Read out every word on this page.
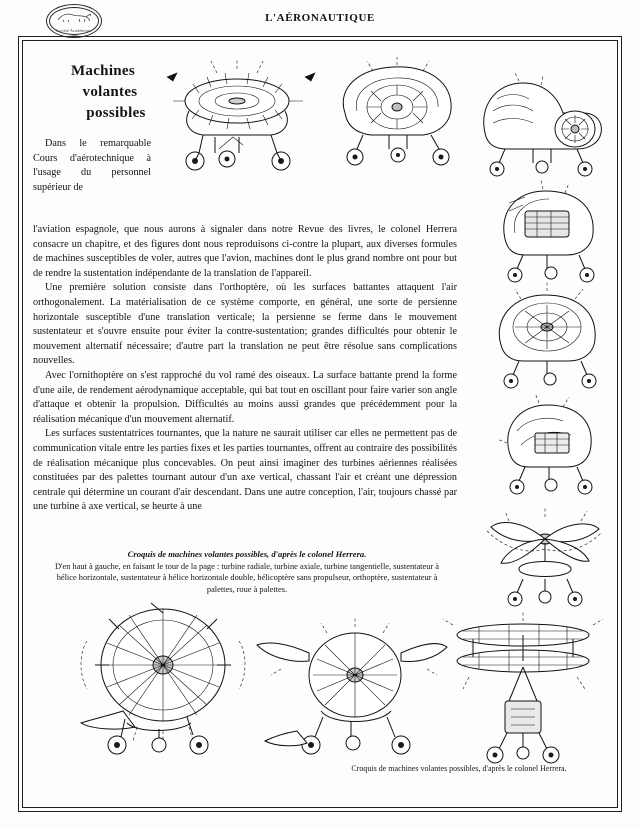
Société Académique
1906
L'AÉRONAUTIQUE
Machines
volantes
possibles

Dans le remarquable Cours d'aérotechnique à l'usage du personnel supérieur de

l'aviation espagnole, que nous aurons à signaler dans notre Revue des livres, le colonel Herrera consacre un chapitre, et des figures dont nous reproduisons ci-contre la plupart, aux diverses formules de machines susceptibles de voler, autres que l'avion, machines dont le plus grand nombre ont pour but de rendre la sustentation indépendante de la translation de l'appareil.

Une première solution consiste dans l'orthoptère, où les surfaces battantes attaquent l'air orthogonalement. La matérialisation de ce système comporte, en général, une sorte de persienne horizontale susceptible d'une translation verticale; la persienne se ferme dans le mouvement sustentateur et s'ouvre ensuite pour éviter la contre-sustentation; grandes difficultés pour obtenir le mouvement alternatif nécessaire; d'autre part la translation ne peut être résolue sans complications nouvelles.

Avec l'ornithoptère on s'est rapproché du vol ramé des oiseaux. La surface battante prend la forme d'une aile, de rendement aérodynamique acceptable, qui bat tout en oscillant pour faire varier son angle d'attaque et obtenir la propulsion. Difficultés au moins aussi grandes que précédemment pour la réalisation mécanique d'un mouvement alternatif.

Les surfaces sustentatrices tournantes, que la nature ne saurait utiliser car elles ne permettent pas de communication vitale entre les parties fixes et les parties tournantes, offrent au contraire des possibilités de réalisation mécanique plus concevables. On peut ainsi imaginer des turbines aériennes réalisées constituées par des palettes tournant autour d'un axe vertical, chassant l'air et créant une dépression centrale qui détermine un courant d'air descendant. Dans une autre conception, l'air, toujours chassé par une turbine à axe vertical, se heurte à une

Croquis de machines volantes possibles, d'après le colonel Herrera.
D'en haut à gauche, en faisant le tour de la page : turbine radiale, turbine axiale, turbine tangentielle, sustentateur à hélice horizontale, sustentateur à hélice horizontale double, hélicoptère sans propulseur, orthoptère, sustentateur à palettes, roue à palettes.
Croquis de machines volantes possibles, d'après le colonel Herrera.
